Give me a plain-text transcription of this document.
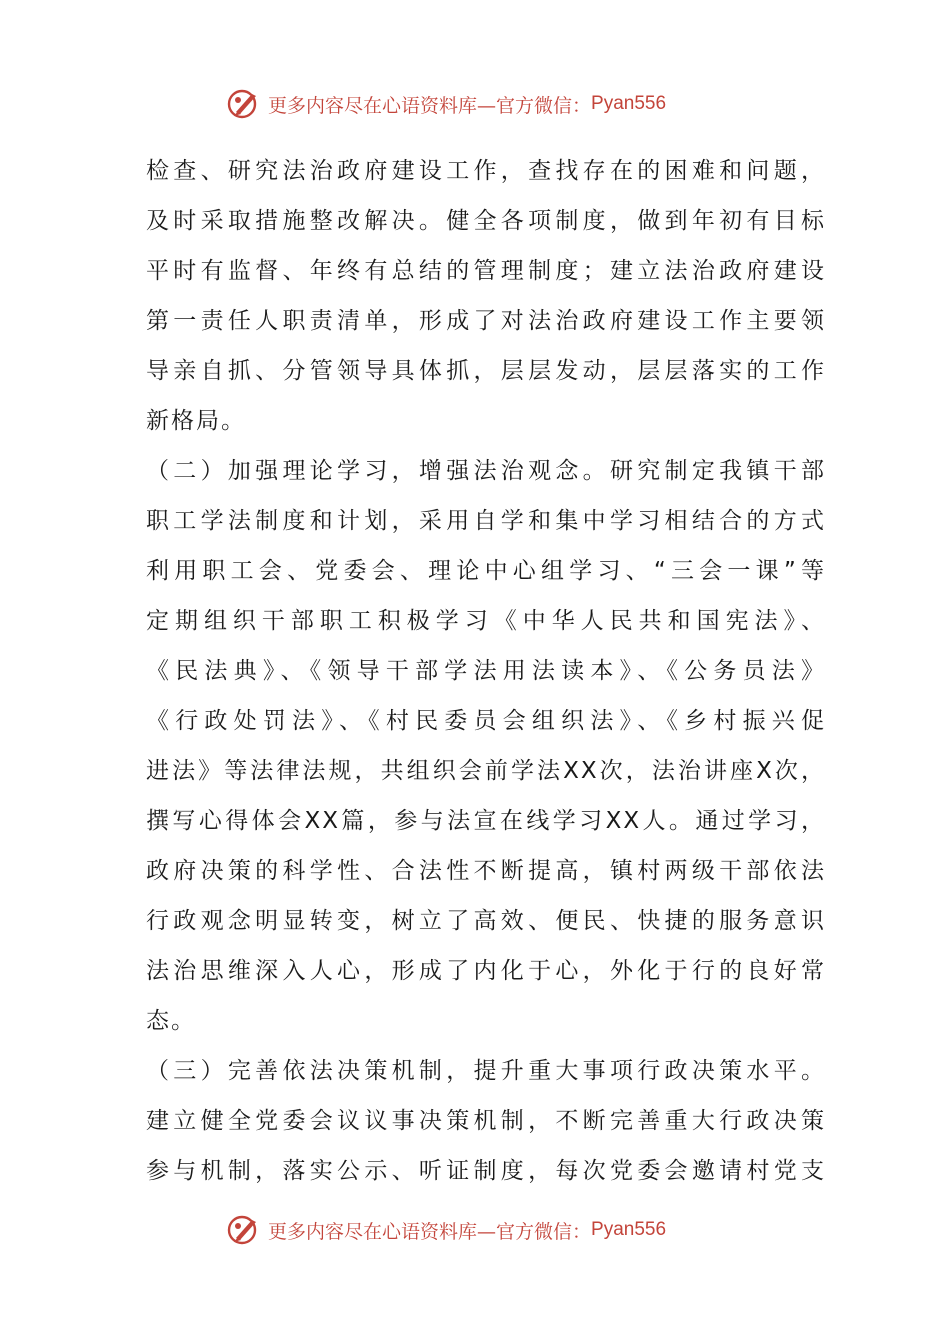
更多内容尽在心语资料库—官方微信： Pyan556
检查、研究法治政府建设工作，查找存在的困难和问题，
及时采取措施整改解决。健全各项制度，做到年初有目标
平时有监督、年终有总结的管理制度；建立法治政府建设
第一责任人职责清单，形成了对法治政府建设工作主要领
导亲自抓、分管领导具体抓，层层发动，层层落实的工作
新格局。
（二）加强理论学习，增强法治观念。研究制定我镇干部
职工学法制度和计划，采用自学和集中学习相结合的方式
利用职工会、党委会、理论中心组学习、“三会一课”等
定期组织干部职工积极学习《中华人民共和国宪法》、
《民法典》、《领导干部学法用法读本》、《公务员法》
《行政处罚法》、《村民委员会组织法》、《乡村振兴促
进法》等法律法规，共组织会前学法XX次，法治讲座X次，
撰写心得体会XX篇，参与法宣在线学习XX人。通过学习，
政府决策的科学性、合法性不断提高，镇村两级干部依法
行政观念明显转变，树立了高效、便民、快捷的服务意识
法治思维深入人心，形成了内化于心，外化于行的良好常
态。
（三）完善依法决策机制，提升重大事项行政决策水平。
建立健全党委会议议事决策机制，不断完善重大行政决策
参与机制，落实公示、听证制度，每次党委会邀请村党支
更多内容尽在心语资料库—官方微信： Pyan556
